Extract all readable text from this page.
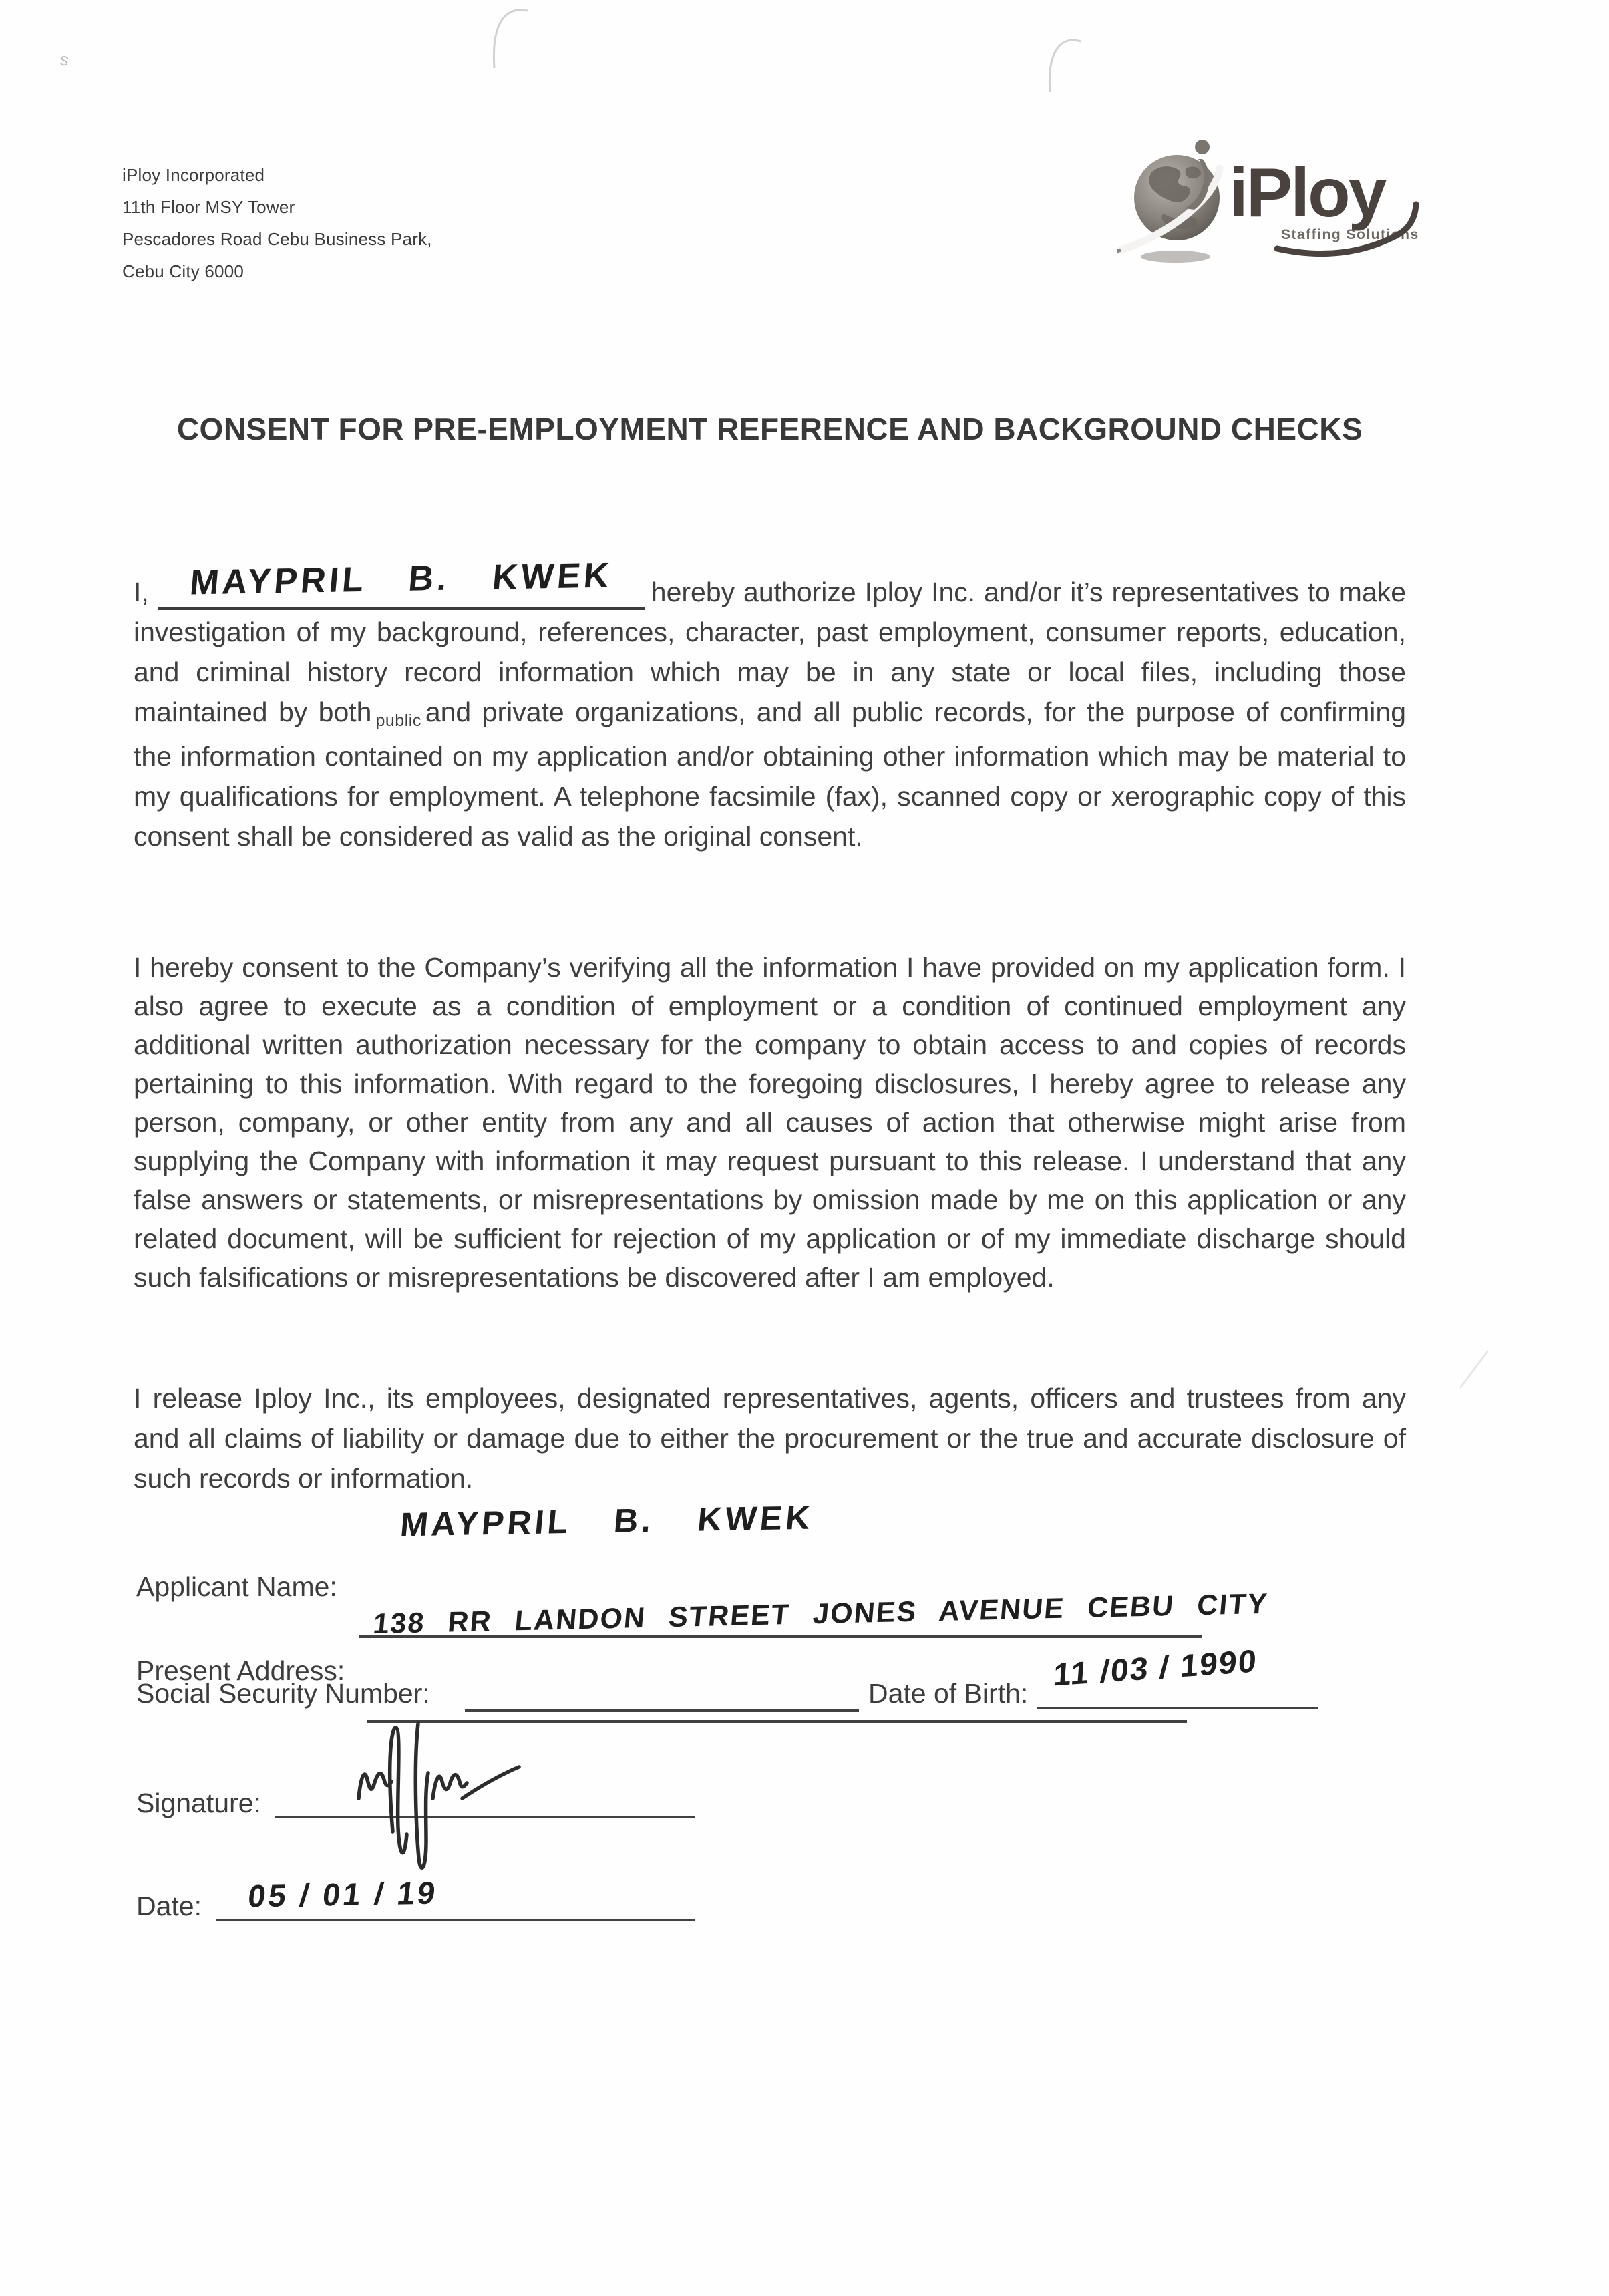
s
iPloy Incorporated
11th Floor MSY Tower
Pescadores Road Cebu Business Park,
Cebu City 6000
iPloy
Staffing Solutions
CONSENT FOR PRE-EMPLOYMENT REFERENCE AND BACKGROUND CHECKS

I, MAYPRIL B. KWEK hereby authorize Iploy Inc. and/or it’s representatives to make investigation of my background, references, character, past employment, consumer reports, education, and criminal history record information which may be in any state or local files, including those maintained by both public and private organizations, and all public records, for the purpose of confirming the information contained on my application and/or obtaining other information which may be material to my qualifications for employment. A telephone facsimile (fax), scanned copy or xerographic copy of this consent shall be considered as valid as the original consent.

I hereby consent to the Company’s verifying all the information I have provided on my application form. I also agree to execute as a condition of employment or a condition of continued employment any additional written authorization necessary for the company to obtain access to and copies of records pertaining to this information. With regard to the foregoing disclosures, I hereby agree to release any person, company, or other entity from any and all causes of action that otherwise might arise from supplying the Company with information it may request pursuant to this release. I understand that any false answers or statements, or misrepresentations by omission made by me on this application or any related document, will be sufficient for rejection of my application or of my immediate discharge should such falsifications or misrepresentations be discovered after I am employed.

I release Iploy Inc., its employees, designated representatives, agents, officers and trustees from any and all claims of liability or damage due to either the procurement or the true and accurate disclosure of such records or information.

Applicant Name:
MAYPRIL B. KWEK
Present Address:
138 RR LANDON STREET JONES AVENUE CEBU CITY
Social Security Number:	Date of Birth:
11 /03 / 1990
Signature:
Date: 05 / 01 / 19
